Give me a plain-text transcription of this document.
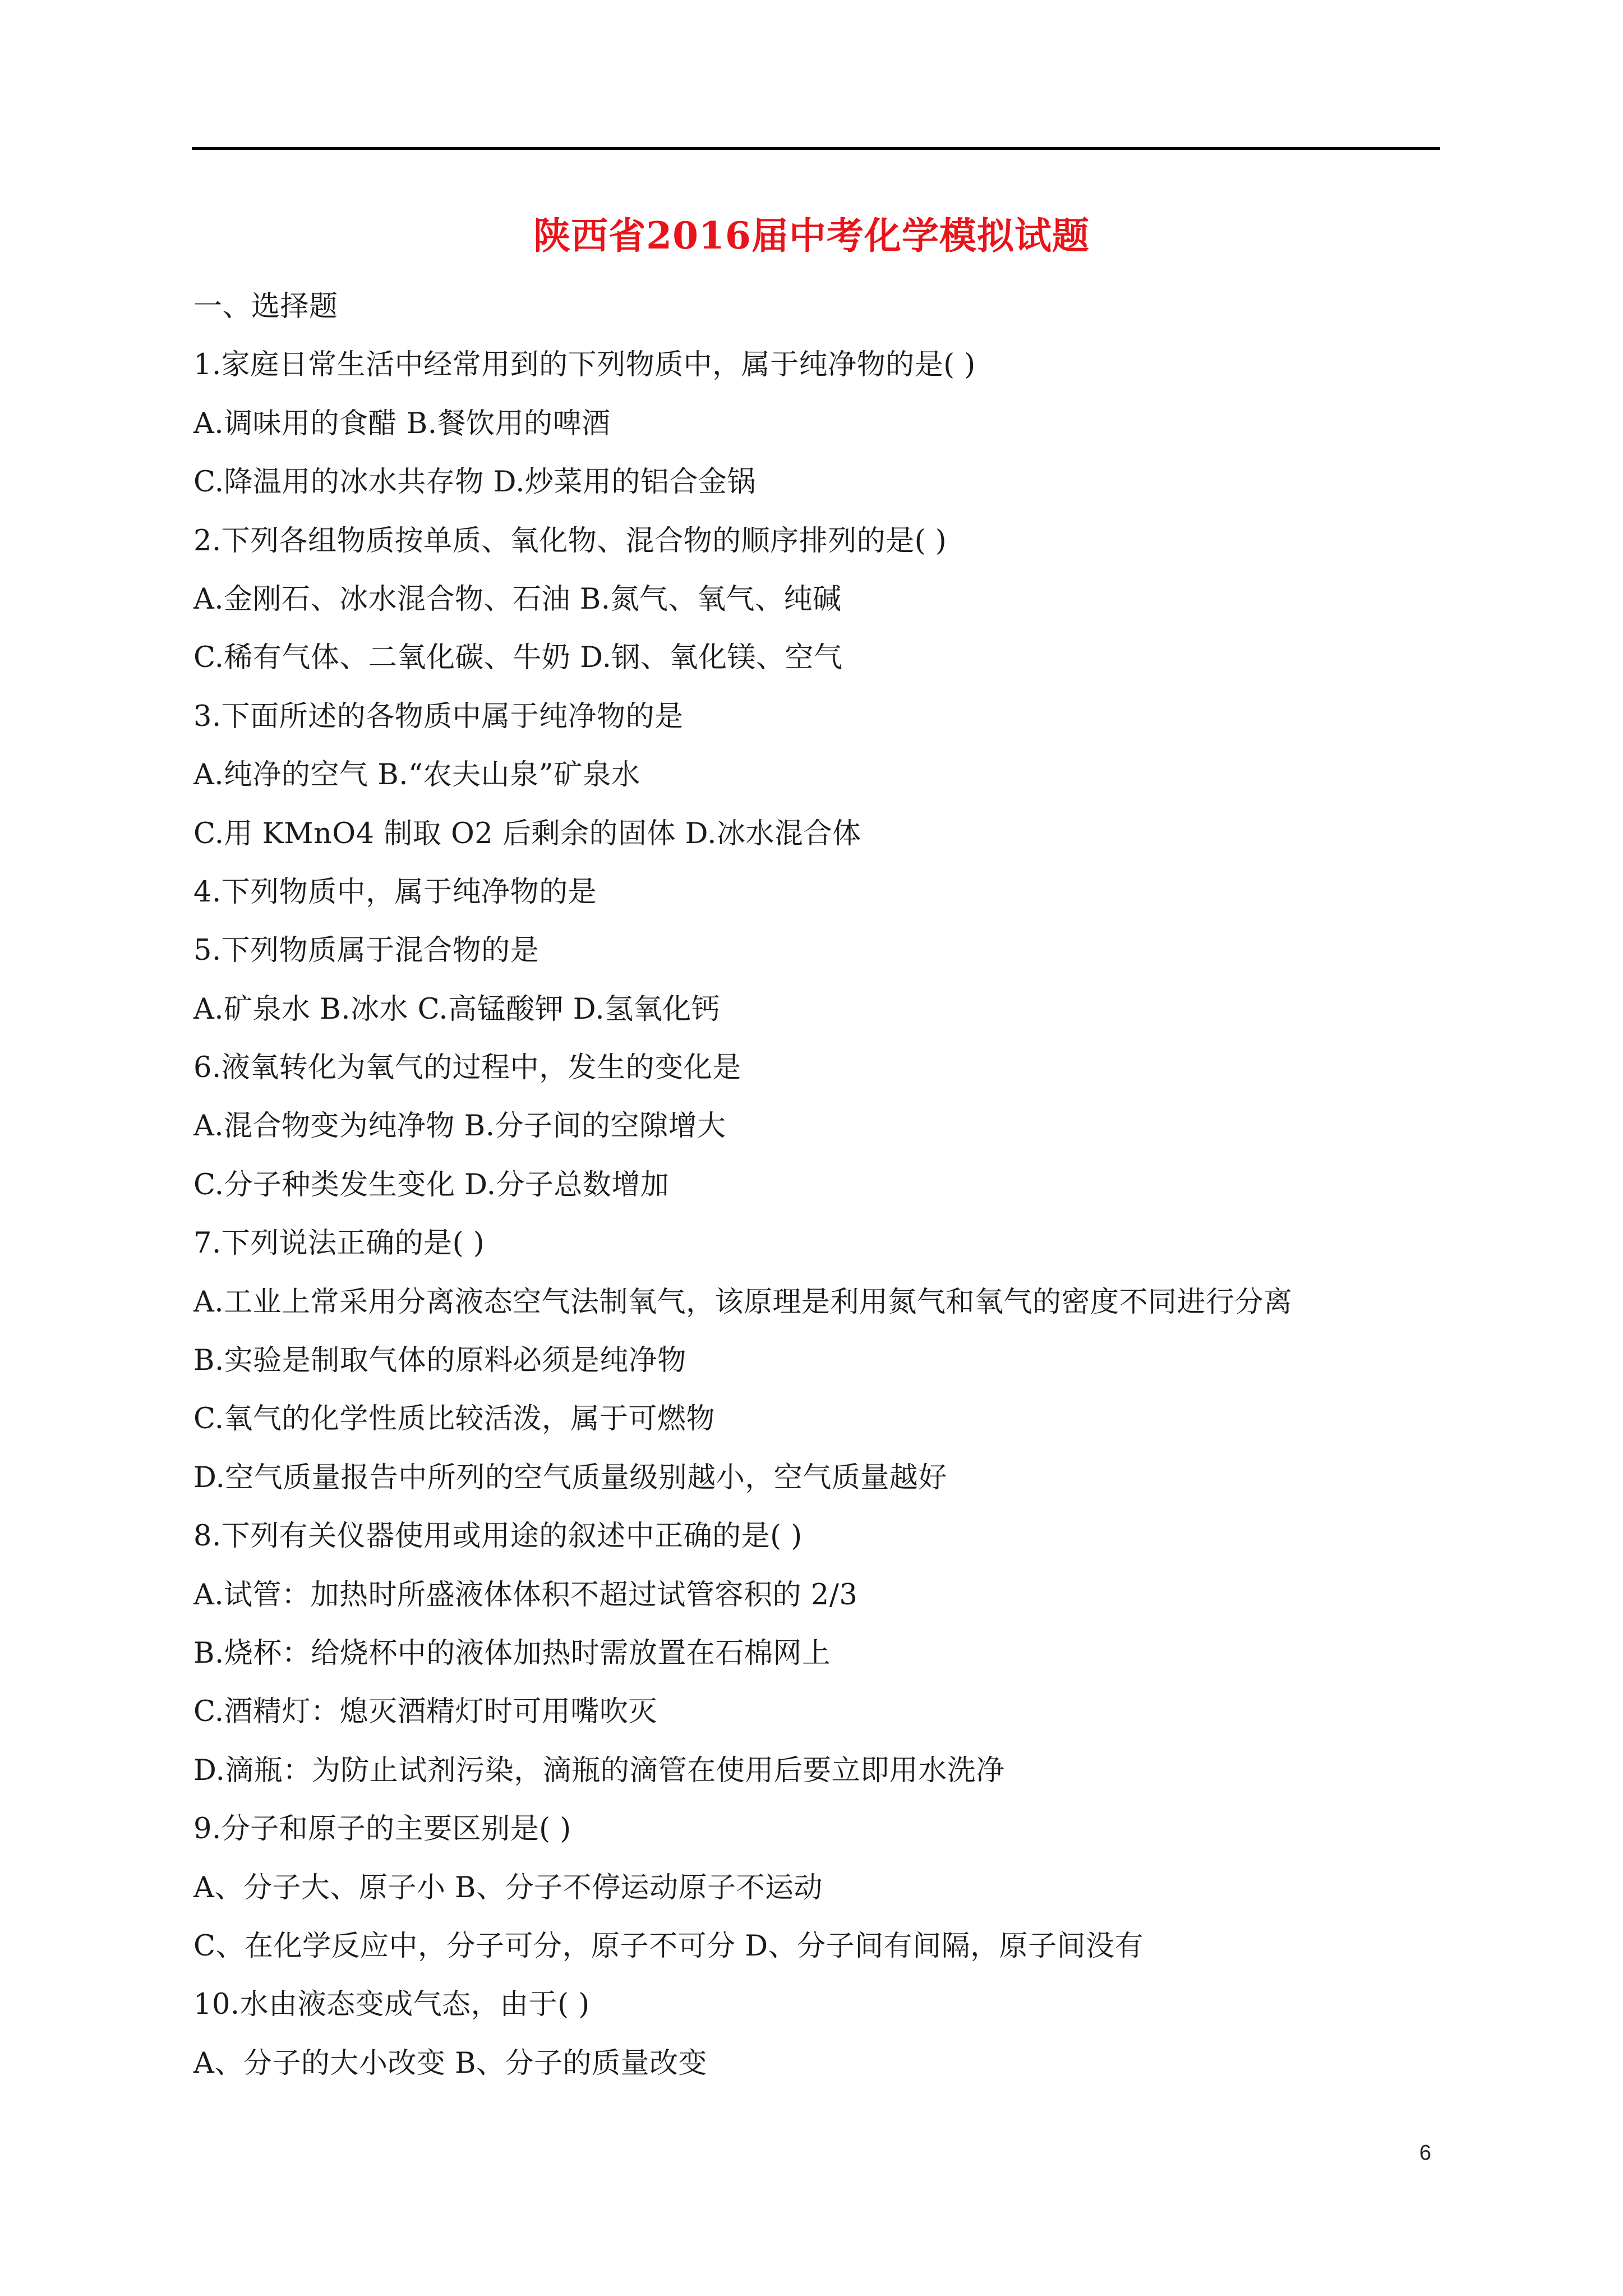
陕西省2016届中考化学模拟试题
一、选择题
1.家庭日常生活中经常用到的下列物质中，属于纯净物的是( )
A.调味用的食醋 B.餐饮用的啤酒
C.降温用的冰水共存物 D.炒菜用的铝合金锅
2.下列各组物质按单质、氧化物、混合物的顺序排列的是( )
A.金刚石、冰水混合物、石油 B.氮气、氧气、纯碱
C.稀有气体、二氧化碳、牛奶 D.钢、氧化镁、空气
3.下面所述的各物质中属于纯净物的是
A.纯净的空气 B.“农夫山泉”矿泉水
C.用 KMnO4 制取 O2 后剩余的固体 D.冰水混合体
4.下列物质中，属于纯净物的是
5.下列物质属于混合物的是
A.矿泉水 B.冰水 C.高锰酸钾 D.氢氧化钙
6.液氧转化为氧气的过程中，发生的变化是
A.混合物变为纯净物 B.分子间的空隙增大
C.分子种类发生变化 D.分子总数增加
7.下列说法正确的是( )
A.工业上常采用分离液态空气法制氧气，该原理是利用氮气和氧气的密度不同进行分离
B.实验是制取气体的原料必须是纯净物
C.氧气的化学性质比较活泼，属于可燃物
D.空气质量报告中所列的空气质量级别越小，空气质量越好
8.下列有关仪器使用或用途的叙述中正确的是( )
A.试管：加热时所盛液体体积不超过试管容积的 2/3
B.烧杯：给烧杯中的液体加热时需放置在石棉网上
C.酒精灯：熄灭酒精灯时可用嘴吹灭
D.滴瓶：为防止试剂污染，滴瓶的滴管在使用后要立即用水洗净
9.分子和原子的主要区别是( )
A、分子大、原子小 B、分子不停运动原子不运动
C、在化学反应中，分子可分，原子不可分 D、分子间有间隔，原子间没有
10.水由液态变成气态，由于( )
A、分子的大小改变 B、分子的质量改变
6
